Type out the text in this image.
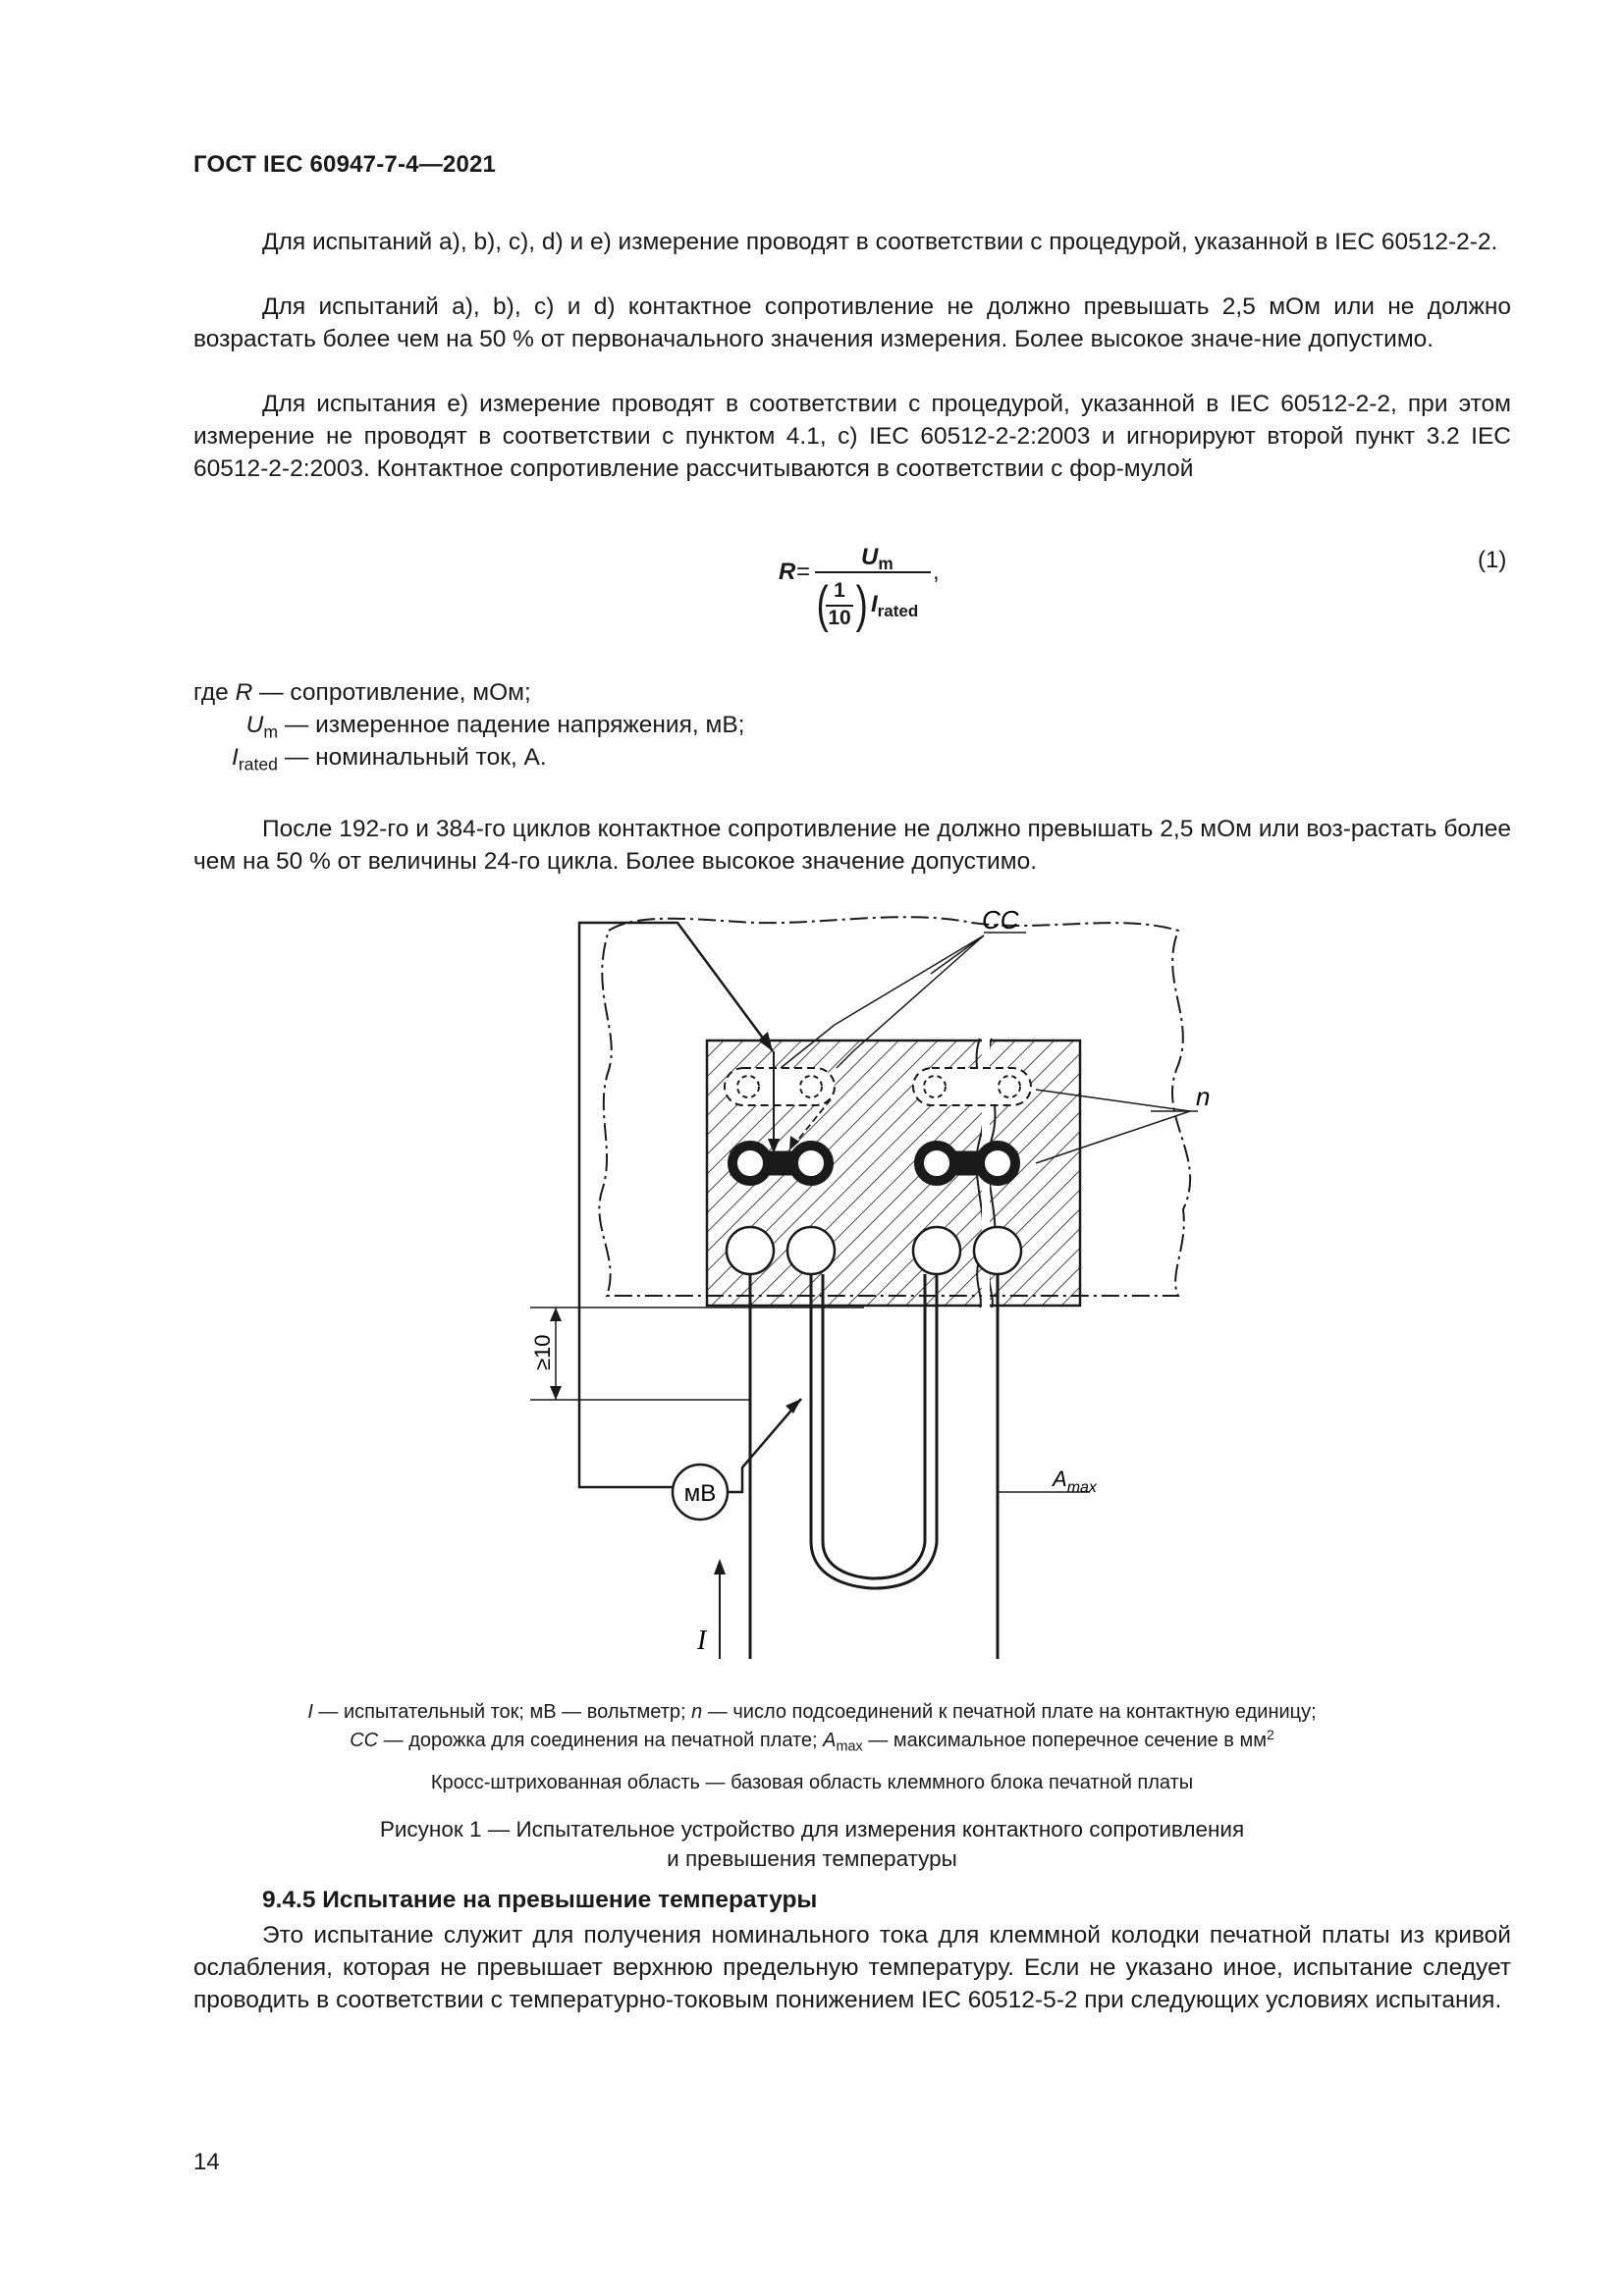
ГОСТ IEC 60947-7-4—2021

Для испытаний а), b), c), d) и e) измерение проводят в соответствии с процедурой, указанной в IEC 60512-2-2.

Для испытаний а), b), c) и d) контактное сопротивление не должно превышать 2,5 мОм или не должно возрастать более чем на 50 % от первоначального значения измерения. Более высокое значе-ние допустимо.

Для испытания e) измерение проводят в соответствии с процедурой, указанной в IEC 60512-2-2, при этом измерение не проводят в соответствии с пунктом 4.1, c) IEC 60512-2-2:2003 и игнорируют второй пункт 3.2 IEC 60512-2-2:2003. Контактное сопротивление рассчитываются в соответствии с фор-мулой

R =
$U_m$ ,
( 1
10 ) $I_{rated}$
(1)
где R — сопротивление, мОм;
$U_m$ — измеренное падение напряжения, мВ;
$I_{rated}$ — номинальный ток, А.

После 192-го и 384-го циклов контактное сопротивление не должно превышать 2,5 мОм или воз-растать более чем на 50 % от величины 24-го цикла. Более высокое значение допустимо.

CC
n
≥10
мВ
$A_{max}$
I
I — испытательный ток; мВ — вольтметр; n — число подсоединений к печатной плате на контактную единицу;
CC — дорожка для соединения на печатной плате; $A_{max}$ — максимальное поперечное сечение в $мм^2$
Кросс-штрихованная область — базовая область клеммного блока печатной платы
Рисунок 1 — Испытательное устройство для измерения контактного сопротивления
и превышения температуры
9.4.5 Испытание на превышение температуры

Это испытание служит для получения номинального тока для клеммной колодки печатной платы из кривой ослабления, которая не превышает верхнюю предельную температуру. Если не указано иное, испытание следует проводить в соответствии с температурно-токовым понижением IEC 60512-5-2 при следующих условиях испытания.

14
